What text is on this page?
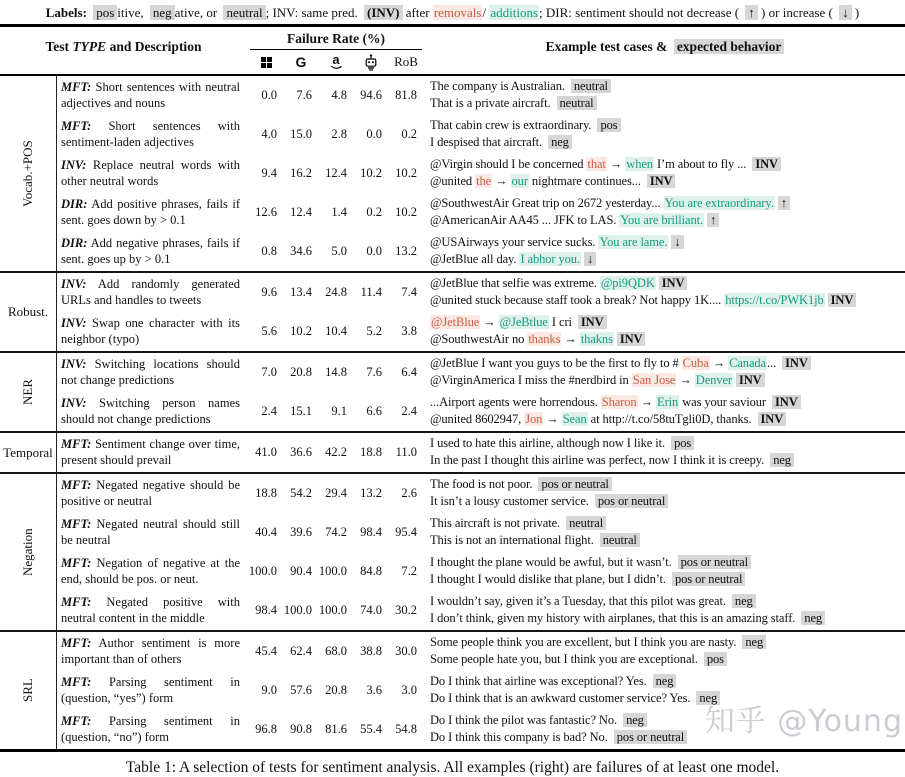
Labels: pos itive, neg ative, or neutral ; INV: same pred. (INV) after removals/ additions; DIR: sentiment should not decrease ( ↑ ) or increase ( ↓ )
Test TYPE and Description
Failure Rate (%)
G	a	RoB
Example test cases & expected behavior
Vocab.+POS
MFT: Short sentences with neutral adjectives and nouns
0.0	7.6	4.8	94.6	81.8
The company is Australian. neutral
That is a private aircraft. neutral
MFT: Short sentences with sentiment-laden adjectives
4.0	15.0	2.8	0.0	0.2
That cabin crew is extraordinary. pos
I despised that aircraft. neg
INV: Replace neutral words with other neutral words
9.4	16.2	12.4	10.2	10.2
@Virgin should I be concerned that → when I’m about to fly ... INV
@united the → our nightmare continues... INV
DIR: Add positive phrases, fails if sent. goes down by > 0.1
12.6	12.4	1.4	0.2	10.2
@SouthwestAir Great trip on 2672 yesterday... You are extraordinary. ↑
@AmericanAir AA45 ... JFK to LAS. You are brilliant. ↑
DIR: Add negative phrases, fails if sent. goes up by > 0.1
0.8	34.6	5.0	0.0	13.2
@USAirways your service sucks. You are lame. ↓
@JetBlue all day. I abhor you. ↓
Robust.
INV: Add randomly generated URLs and handles to tweets
9.6	13.4	24.8	11.4	7.4
@JetBlue that selfie was extreme. @pi9QDK INV
@united stuck because staff took a break? Not happy 1K.... https://t.co/PWK1jb INV
INV: Swap one character with its neighbor (typo)
5.6	10.2	10.4	5.2	3.8
@JetBlue → @JeBtlue I cri INV
@SouthwestAir no thanks → thakns INV
NER
INV: Switching locations should not change predictions
7.0	20.8	14.8	7.6	6.4
@JetBlue I want you guys to be the first to fly to # Cuba → Canada... INV
@VirginAmerica I miss the #nerdbird in San Jose → Denver INV
INV: Switching person names should not change predictions
2.4	15.1	9.1	6.6	2.4
...Airport agents were horrendous. Sharon → Erin was your saviour INV
@united 8602947, Jon → Sean at http://t.co/58tuTgli0D, thanks. INV
Temporal
MFT: Sentiment change over time, present should prevail
41.0	36.6	42.2	18.8	11.0
I used to hate this airline, although now I like it. pos
In the past I thought this airline was perfect, now I think it is creepy. neg
Negation
MFT: Negated negative should be positive or neutral
18.8	54.2	29.4	13.2	2.6
The food is not poor. pos or neutral
It isn’t a lousy customer service. pos or neutral
MFT: Negated neutral should still be neutral
40.4	39.6	74.2	98.4	95.4
This aircraft is not private. neutral
This is not an international flight. neutral
MFT: Negation of negative at the end, should be pos. or neut.
100.0	90.4 100.0	84.8	7.2
I thought the plane would be awful, but it wasn’t. pos or neutral
I thought I would dislike that plane, but I didn’t. pos or neutral
MFT: Negated positive with neutral content in the middle
98.4 100.0 100.0	74.0	30.2
I wouldn’t say, given it’s a Tuesday, that this pilot was great. neg
I don’t think, given my history with airplanes, that this is an amazing staff. neg
SRL
MFT: Author sentiment is more important than of others
45.4	62.4	68.0	38.8	30.0
Some people think you are excellent, but I think you are nasty. neg
Some people hate you, but I think you are exceptional. pos
MFT: Parsing sentiment in (question, “yes”) form
9.0	57.6	20.8	3.6	3.0
Do I think that airline was exceptional? Yes. neg
Do I think that is an awkward customer service? Yes. neg
MFT: Parsing sentiment in (question, “no”) form
96.8	90.8	81.6	55.4	54.8
Do I think the pilot was fantastic? No. neg
Do I think this company is bad? No. pos or neutral
Table 1: A selection of tests for sentiment analysis. All examples (right) are failures of at least one model.
知乎 @Young
